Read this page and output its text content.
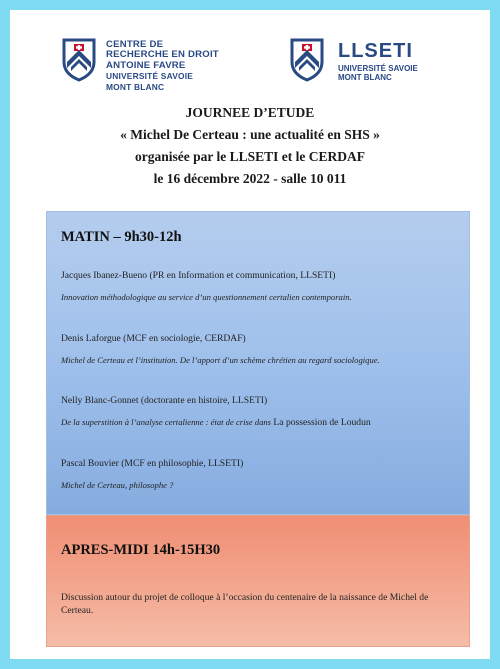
CENTRE DE
RECHERCHE EN DROIT
ANTOINE FAVRE
UNIVERSITÉ SAVOIE
MONT BLANC
LLSETI
UNIVERSITÉ SAVOIE
MONT BLANC
JOURNEE D’ETUDE
« Michel De Certeau : une actualité en SHS »
organisée par le LLSETI et le CERDAF
le 16 décembre 2022 - salle 10 011
MATIN – 9h30-12h
Jacques Ibanez-Bueno (PR en Information et communication, LLSETI)
Innovation méthodologique au service d’un questionnement certalien contemporain.
Denis Laforgue (MCF en sociologie, CERDAF)
Michel de Certeau et l’institution. De l’apport d’un schème chrétien au regard sociologique.
Nelly Blanc-Gonnet (doctorante en histoire, LLSETI)
De la superstition à l’analyse certalienne : état de crise dans La possession de Loudun
Pascal Bouvier (MCF en philosophie, LLSETI)
Michel de Certeau, philosophe ?
APRES-MIDI 14h-15H30
Discussion autour du projet de colloque à l’occasion du centenaire de la naissance de Michel de Certeau.
